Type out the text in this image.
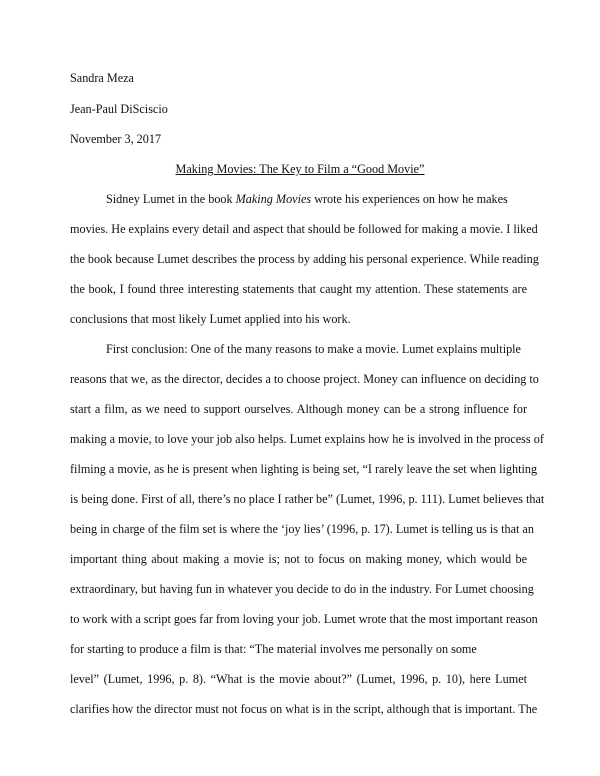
Sandra Meza
Jean-Paul DiSciscio
November 3, 2017
Making Movies: The Key to Film a “Good Movie”
Sidney Lumet in the book Making Movies wrote his experiences on how he makes
movies. He explains every detail and aspect that should be followed for making a movie. I liked
the book because Lumet describes the process by adding his personal experience. While reading
the book, I found three interesting statements that caught my attention. These statements are
conclusions that most likely Lumet applied into his work.
First conclusion: One of the many reasons to make a movie. Lumet explains multiple
reasons that we, as the director, decides a to choose project. Money can influence on deciding to
start a film, as we need to support ourselves. Although money can be a strong influence for
making a movie, to love your job also helps. Lumet explains how he is involved in the process of
filming a movie, as he is present when lighting is being set, “I rarely leave the set when lighting
is being done. First of all, there’s no place I rather be” (Lumet, 1996, p. 111). Lumet believes that
being in charge of the film set is where the ‘joy lies’ (1996, p. 17). Lumet is telling us is that an
important thing about making a movie is; not to focus on making money, which would be
extraordinary, but having fun in whatever you decide to do in the industry. For Lumet choosing
to work with a script goes far from loving your job. Lumet wrote that the most important reason
for starting to produce a film is that: “The material involves me personally on some
level” (Lumet, 1996, p. 8). “What is the movie about?” (Lumet, 1996, p. 10), here Lumet
clarifies how the director must not focus on what is in the script, although that is important. The
